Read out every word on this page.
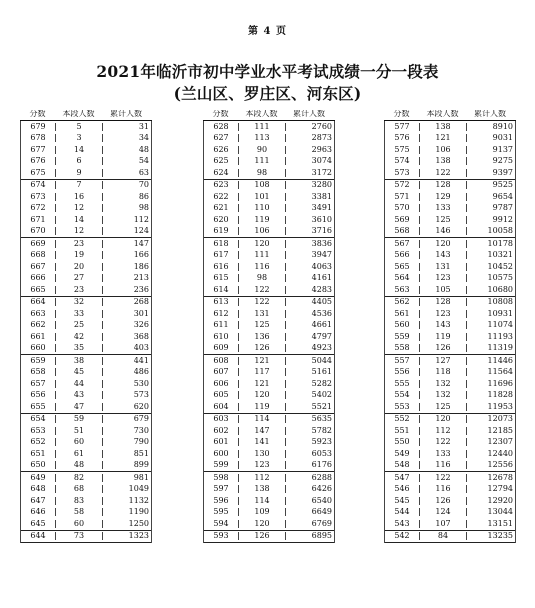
第 4 页
2021年临沂市初中学业水平考试成绩一分一段表
(兰山区、罗庄区、河东区)
分数	本段人数	累计人数
679	5	31
678	3	34
677	14	48
676	6	54
675	9	63
674	7	70
673	16	86
672	12	98
671	14	112
670	12	124
669	23	147
668	19	166
667	20	186
666	27	213
665	23	236
664	32	268
663	33	301
662	25	326
661	42	368
660	35	403
659	38	441
658	45	486
657	44	530
656	43	573
655	47	620
654	59	679
653	51	730
652	60	790
651	61	851
650	48	899
649	82	981
648	68	1049
647	83	1132
646	58	1190
645	60	1250
644	73	1323
分数	本段人数	累计人数
628	111	2760
627	113	2873
626	90	2963
625	111	3074
624	98	3172
623	108	3280
622	101	3381
621	110	3491
620	119	3610
619	106	3716
618	120	3836
617	111	3947
616	116	4063
615	98	4161
614	122	4283
613	122	4405
612	131	4536
611	125	4661
610	136	4797
609	126	4923
608	121	5044
607	117	5161
606	121	5282
605	120	5402
604	119	5521
603	114	5635
602	147	5782
601	141	5923
600	130	6053
599	123	6176
598	112	6288
597	138	6426
596	114	6540
595	109	6649
594	120	6769
593	126	6895
分数	本段人数	累计人数
577	138	8910
576	121	9031
575	106	9137
574	138	9275
573	122	9397
572	128	9525
571	129	9654
570	133	9787
569	125	9912
568	146	10058
567	120	10178
566	143	10321
565	131	10452
564	123	10575
563	105	10680
562	128	10808
561	123	10931
560	143	11074
559	119	11193
558	126	11319
557	127	11446
556	118	11564
555	132	11696
554	132	11828
553	125	11953
552	120	12073
551	112	12185
550	122	12307
549	133	12440
548	116	12556
547	122	12678
546	116	12794
545	126	12920
544	124	13044
543	107	13151
542	84	13235
